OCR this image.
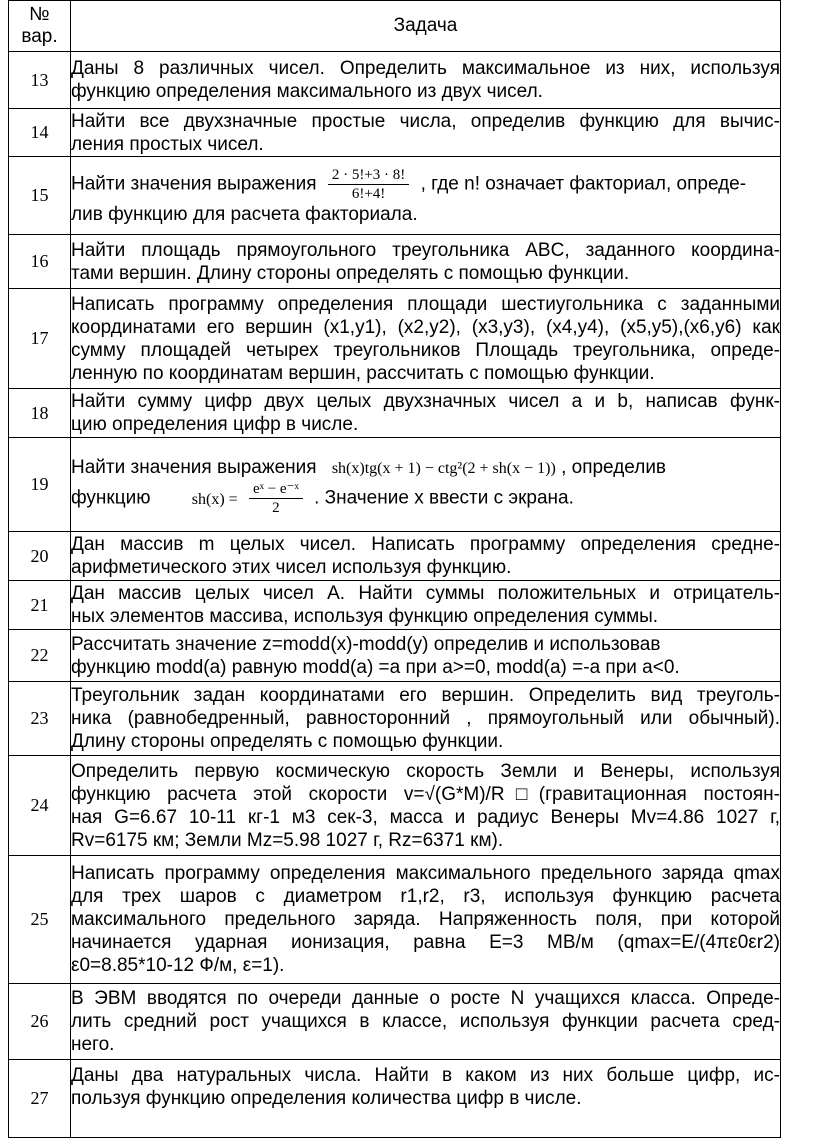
№ вар.	Задача
13	Даны 8 различных чисел. Определить максимальное из них, используя
функцию определения максимального из двух чисел.

14	Найти все двухзначные простые числа, определив функцию для вычис-
ления простых чисел.

15	Найти значения выражения $\frac{2 \cdot 5!+3 \cdot 8!}{6!+4!}$ , где n! означает факториал, опреде-
лив функцию для расчета факториала.

16	Найти площадь прямоугольного треугольника ABC, заданного координа-
тами вершин. Длину стороны определять с помощью функции.

17	Написать программу определения площади шестиугольника с заданными
координатами его вершин (x1,y1), (x2,y2), (x3,y3), (x4,y4), (x5,y5),(x6,y6) как
сумму площадей четырех треугольников Площадь треугольника, опреде-
ленную по координатам вершин, рассчитать с помощью функции.

18	Найти сумму цифр двух целых двухзначных чисел a и b, написав функ-
цию определения цифр в числе.

19	Найти значения выражения sh(x)tg(x + 1) − ctg²(2 + sh(x − 1)) , определив
функцию $sh(x) = \frac{\text{eˣ − e⁻ˣ}}{2}$ . Значение x ввести с экрана.

20	Дан массив m целых чисел. Написать программу определения средне-
арифметического этих чисел используя функцию.

21	Дан массив целых чисел A. Найти суммы положительных и отрицатель-
ных элементов массива, используя функцию определения суммы.

22	Рассчитать значение z=modd(x)-modd(y) определив и использовав
функцию modd(a) равную modd(a) =a при a>=0, modd(a) =-a при a<0.

23	Треугольник задан координатами его вершин. Определить вид треуголь-
ника (равнобедренный, равносторонний , прямоугольный или обычный).
Длину стороны определять с помощью функции.

24	Определить первую космическую скорость Земли и Венеры, используя
функцию расчета этой скорости v=√(G*M)/R□(гравитационная постоян-
ная G=6.67 10-11 кг-1 м3 сек-3, масса и радиус Венеры Mv=4.86 1027 г,
Rv=6175 км; Земли Mz=5.98 1027 г, Rz=6371 км).

25	Написать программу определения максимального предельного заряда qmax
для трех шаров с диаметром r1,r2, r3, используя функцию расчета
максимального предельного заряда. Напряженность поля, при которой
начинается ударная ионизация, равна E=3 МВ/м (qmax=E/(4πε0εr2)
ε0=8.85*10-12 Ф/м, ε=1).

26	В ЭВМ вводятся по очереди данные о росте N учащихся класса. Опреде-
лить средний рост учащихся в классе, используя функции расчета сред-
него.

27	Даны два натуральных числа. Найти в каком из них больше цифр, ис-
пользуя функцию определения количества цифр в числе.
